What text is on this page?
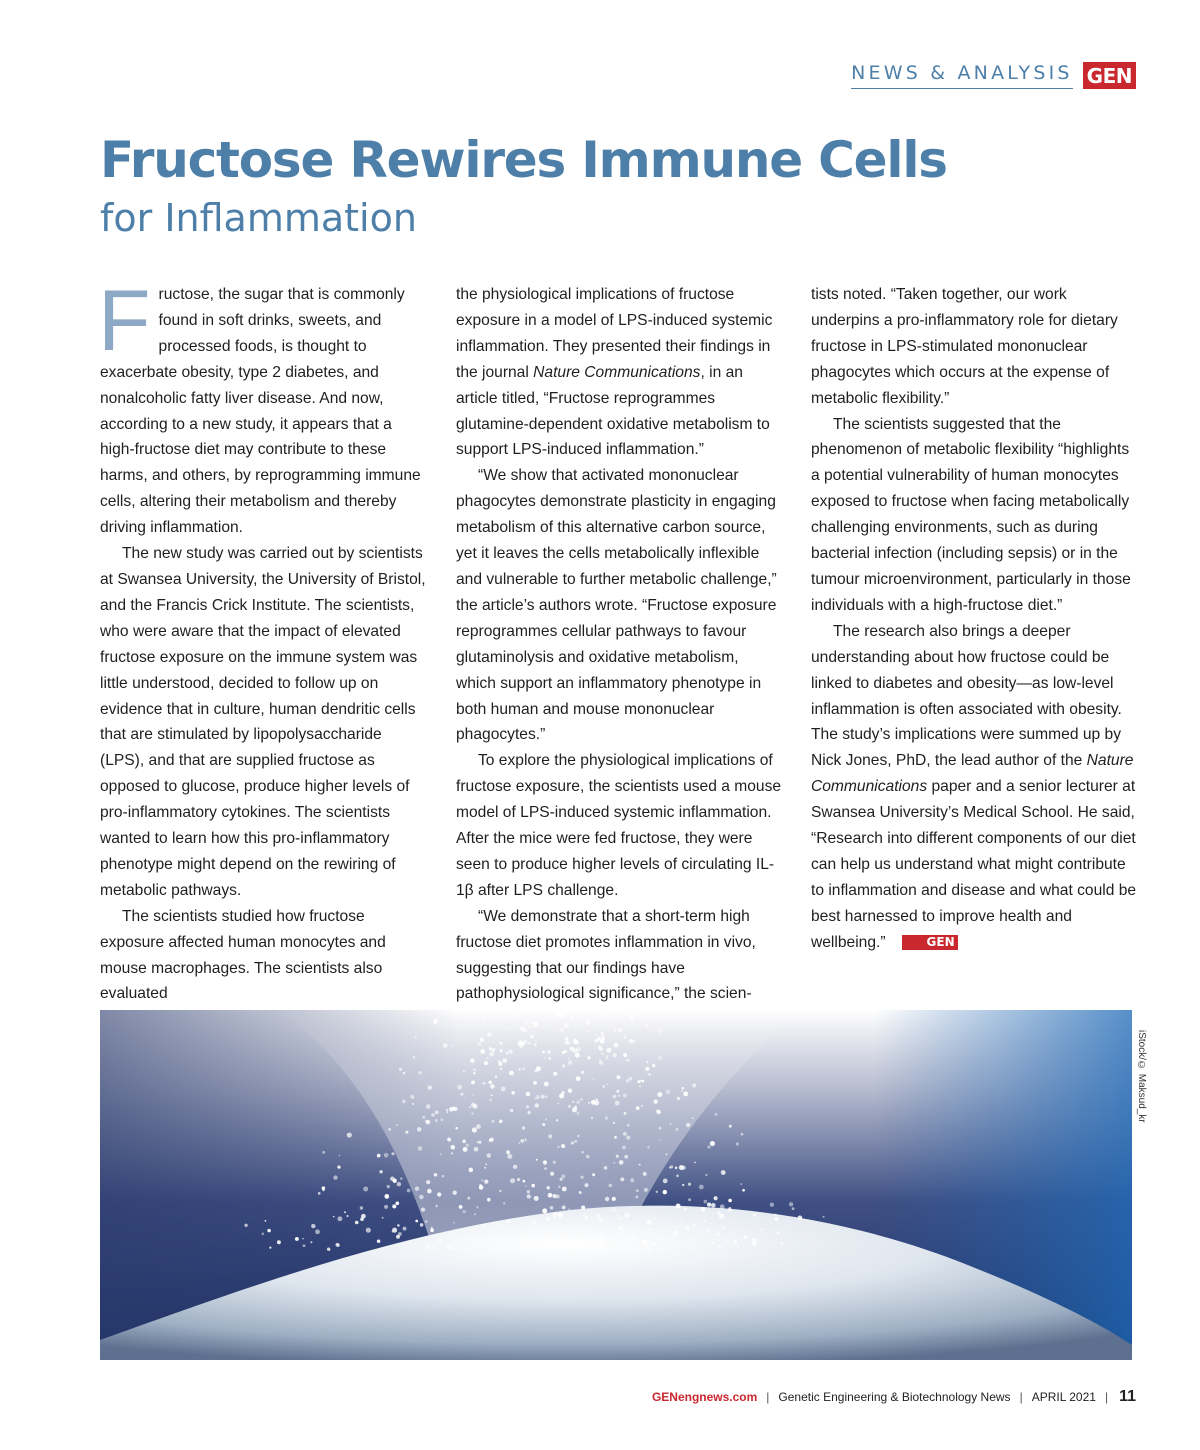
NEWS & ANALYSIS GEN
Fructose Rewires Immune Cells
for Inflammation

Fructose, the sugar that is commonly found in soft drinks, sweets, and processed foods, is thought to exacerbate obesity, type 2 diabetes, and nonalcoholic fatty liver disease. And now, according to a new study, it appears that a high-fructose diet may contribute to these harms, and others, by reprogramming immune cells, altering their metabolism and thereby driving inflammation.

The new study was carried out by scientists at Swansea University, the University of Bristol, and the Francis Crick Institute. The scientists, who were aware that the impact of elevated fructose exposure on the immune system was little understood, decided to follow up on evidence that in culture, human dendritic cells that are stimulated by lipopolysaccharide (LPS), and that are supplied fructose as opposed to glucose, produce higher levels of pro-inflammatory cytokines. The scientists wanted to learn how this pro-inflammatory phenotype might depend on the rewiring of metabolic pathways.

The scientists studied how fructose exposure affected human monocytes and mouse macrophages. The scientists also evaluated

the physiological implications of fructose exposure in a model of LPS-induced systemic inflammation. They presented their findings in the journal Nature Communications, in an article titled, “Fructose reprogrammes glutamine-dependent oxidative metabolism to support LPS-induced inflammation.”

“We show that activated mononuclear phagocytes demonstrate plasticity in engaging metabolism of this alternative carbon source, yet it leaves the cells metabolically inflexible and vulnerable to further metabolic challenge,” the article’s authors wrote. “Fructose exposure reprogrammes cellular pathways to favour glutaminolysis and oxidative metabolism, which support an inflammatory phenotype in both human and mouse mononuclear phagocytes.”

To explore the physiological implications of fructose exposure, the scientists used a mouse model of LPS-induced systemic inflammation. After the mice were fed fructose, they were seen to produce higher levels of circulating IL-1β after LPS challenge.

“We demonstrate that a short-term high fructose diet promotes inflammation in vivo, suggesting that our findings have pathophysiological significance,” the scien-

tists noted. “Taken together, our work underpins a pro-inflammatory role for dietary fructose in LPS-stimulated mononuclear phagocytes which occurs at the expense of metabolic flexibility.”

The scientists suggested that the phenomenon of metabolic flexibility “highlights a potential vulnerability of human monocytes exposed to fructose when facing metabolically challenging environments, such as during bacterial infection (including sepsis) or in the tumour microenvironment, particularly in those individuals with a high-fructose diet.”

The research also brings a deeper understanding about how fructose could be linked to diabetes and obesity—as low-level inflammation is often associated with obesity. The study’s implications were summed up by Nick Jones, PhD, the lead author of the Nature Communications paper and a senior lecturer at Swansea University’s Medical School. He said, “Research into different components of our diet can help us understand what might contribute to inflammation and disease and what could be best harnessed to improve health and wellbeing.”	GEN

iStock/© Maksud_kr
GENengnews.com | Genetic Engineering & Biotechnology News | APRIL 2021 | 11
